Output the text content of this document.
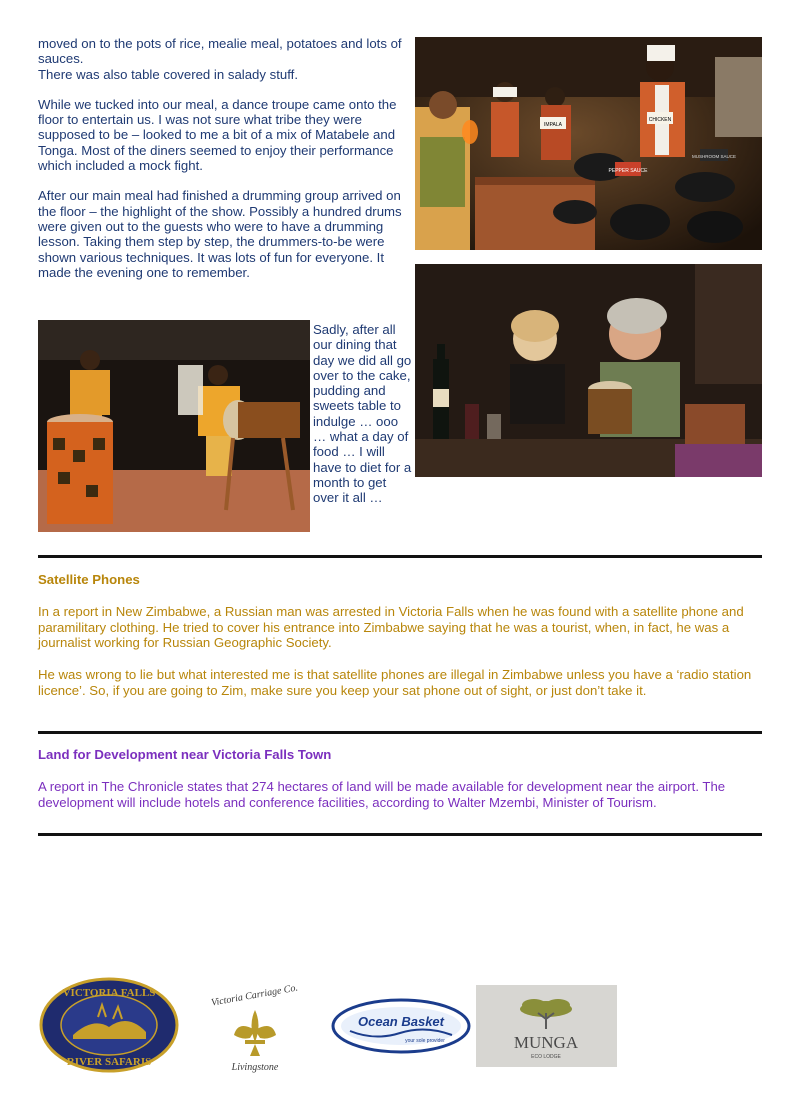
moved on to the pots of rice, mealie meal, potatoes and lots of sauces.

There was also table covered in salady stuff.

While we tucked into our meal, a dance troupe came onto the floor to entertain us. I was not sure what tribe they were supposed to be – looked to me a bit of a mix of Matabele and Tonga. Most of the diners seemed to enjoy their performance which included a mock fight.

After our main meal had finished a drumming group arrived on the floor – the highlight of the show. Possibly a hundred drums were given out to the guests who were to have a drumming lesson. Taking them step by step, the drummers-to-be were shown various techniques. It was lots of fun for everyone. It made the evening one to remember.

Sadly, after all our dining that day we did all go over to the cake, pudding and sweets table to indulge … ooo … what a day of food … I will have to diet for a month to get over it all …

IMPALA
CHICKEN
PEPPER SAUCE
MUSHROOM SAUCE
Satellite Phones

In a report in New Zimbabwe, a Russian man was arrested in Victoria Falls when he was found with a satellite phone and paramilitary clothing. He tried to cover his entrance into Zimbabwe saying that he was a tourist, when, in fact, he was a journalist working for Russian Geographic Society.

He was wrong to lie but what interested me is that satellite phones are illegal in Zimbabwe unless you have a ‘radio station licence’. So, if you are going to Zim, make sure you keep your sat phone out of sight, or just don’t take it.

Land for Development near Victoria Falls Town

A report in The Chronicle states that 274 hectares of land will be made available for development near the airport. The development will include hotels and conference facilities, according to Walter Mzembi, Minister of Tourism.

VICTORIA FALLS
RIVER SAFARIS
Victoria Carriage Co.
Livingstone
Ocean Basket
your sole provider	MUNGA
ECO LODGE
